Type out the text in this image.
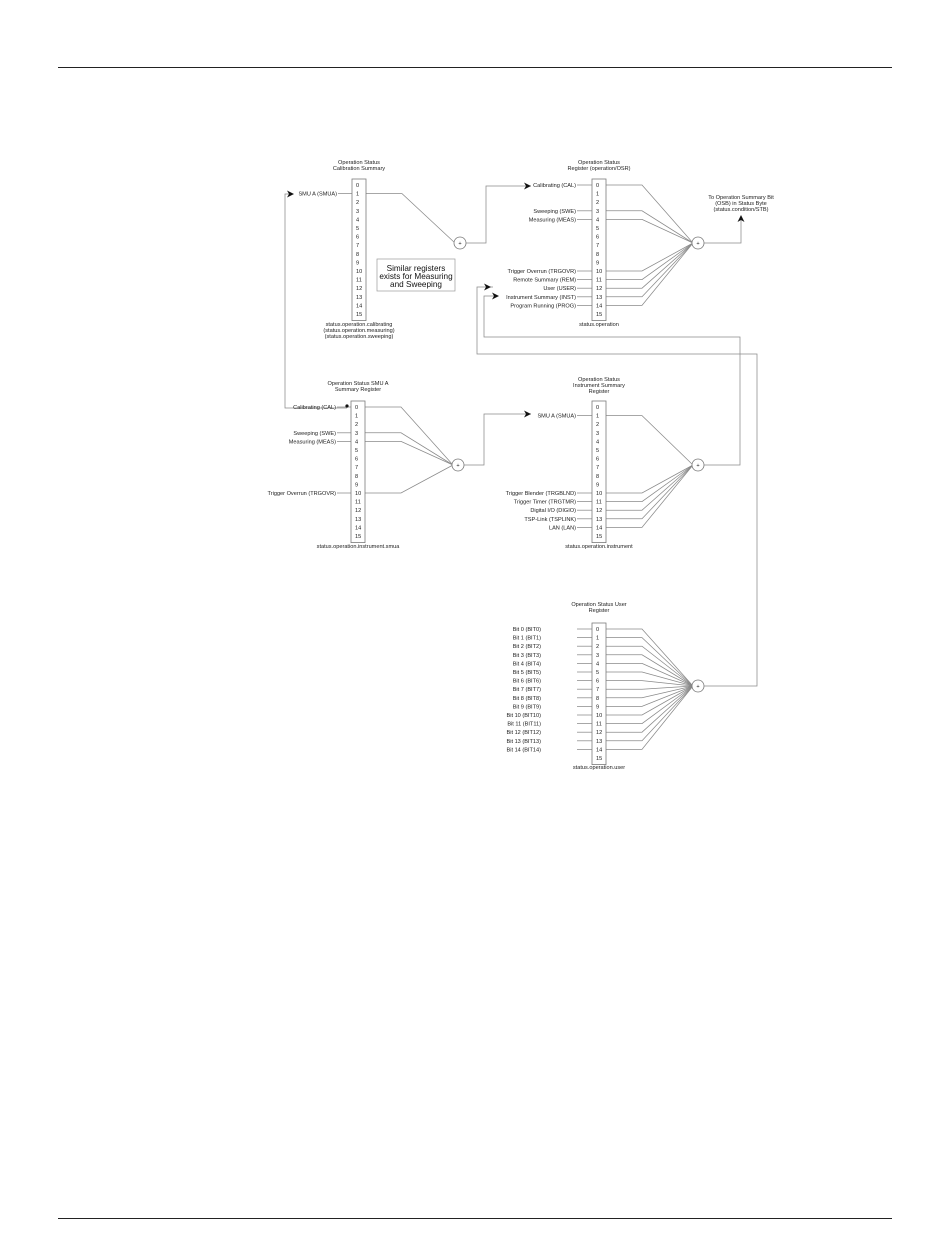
Operation Status
Calibration Summary
0
1
2
3
4
5
6
7
8
9
10
11
12
13
14
15
status.operation.calibrating
(status.operation.measuring)
(status.operation.sweeping)
+
SMU A (SMUA)
Operation Status
Register (operation/OSR)
0
1
2
3
4
5
6
7
8
9
10
11
12
13
14
15
status.operation
+
Calibrating (CAL)
Sweeping (SWE)
Measuring (MEAS)
Trigger Overrun (TRGOVR)
Remote Summary (REM)
User (USER)
Instrument Summary (INST)
Program Running (PROG)
Operation Status SMU A
Summary Register
0
1
2
3
4
5
6
7
8
9
10
11
12
13
14
15
status.operation.instrument.smua
+
Calibrating (CAL)
Sweeping (SWE)
Measuring (MEAS)
Trigger Overrun (TRGOVR)
Operation Status
Instrument Summary
Register
0
1
2
3
4
5
6
7
8
9
10
11
12
13
14
15
status.operation.instrument
+
SMU A (SMUA)
Trigger Blender (TRGBLND)
Trigger Timer (TRGTMR)
Digital I/O (DIGIO)
TSP-Link (TSPLINK)
LAN (LAN)
Operation Status User
Register
0
1
2
3
4
5
6
7
8
9
10
11
12
13
14
15
status.operation.user
+
Bit 0 (BIT0)
Bit 1 (BIT1)
Bit 2 (BIT2)
Bit 3 (BIT3)
Bit 4 (BIT4)
Bit 5 (BIT5)
Bit 6 (BIT6)
Bit 7 (BIT7)
Bit 8 (BIT8)
Bit 9 (BIT9)
Bit 10 (BIT10)
Bit 11 (BIT11)
Bit 12 (BIT12)
Bit 13 (BIT13)
Bit 14 (BIT14)
Similar registers
exists for Measuring
and Sweeping
To Operation Summary Bit
(OSB) in Status Byte
(status.condition/STB)
